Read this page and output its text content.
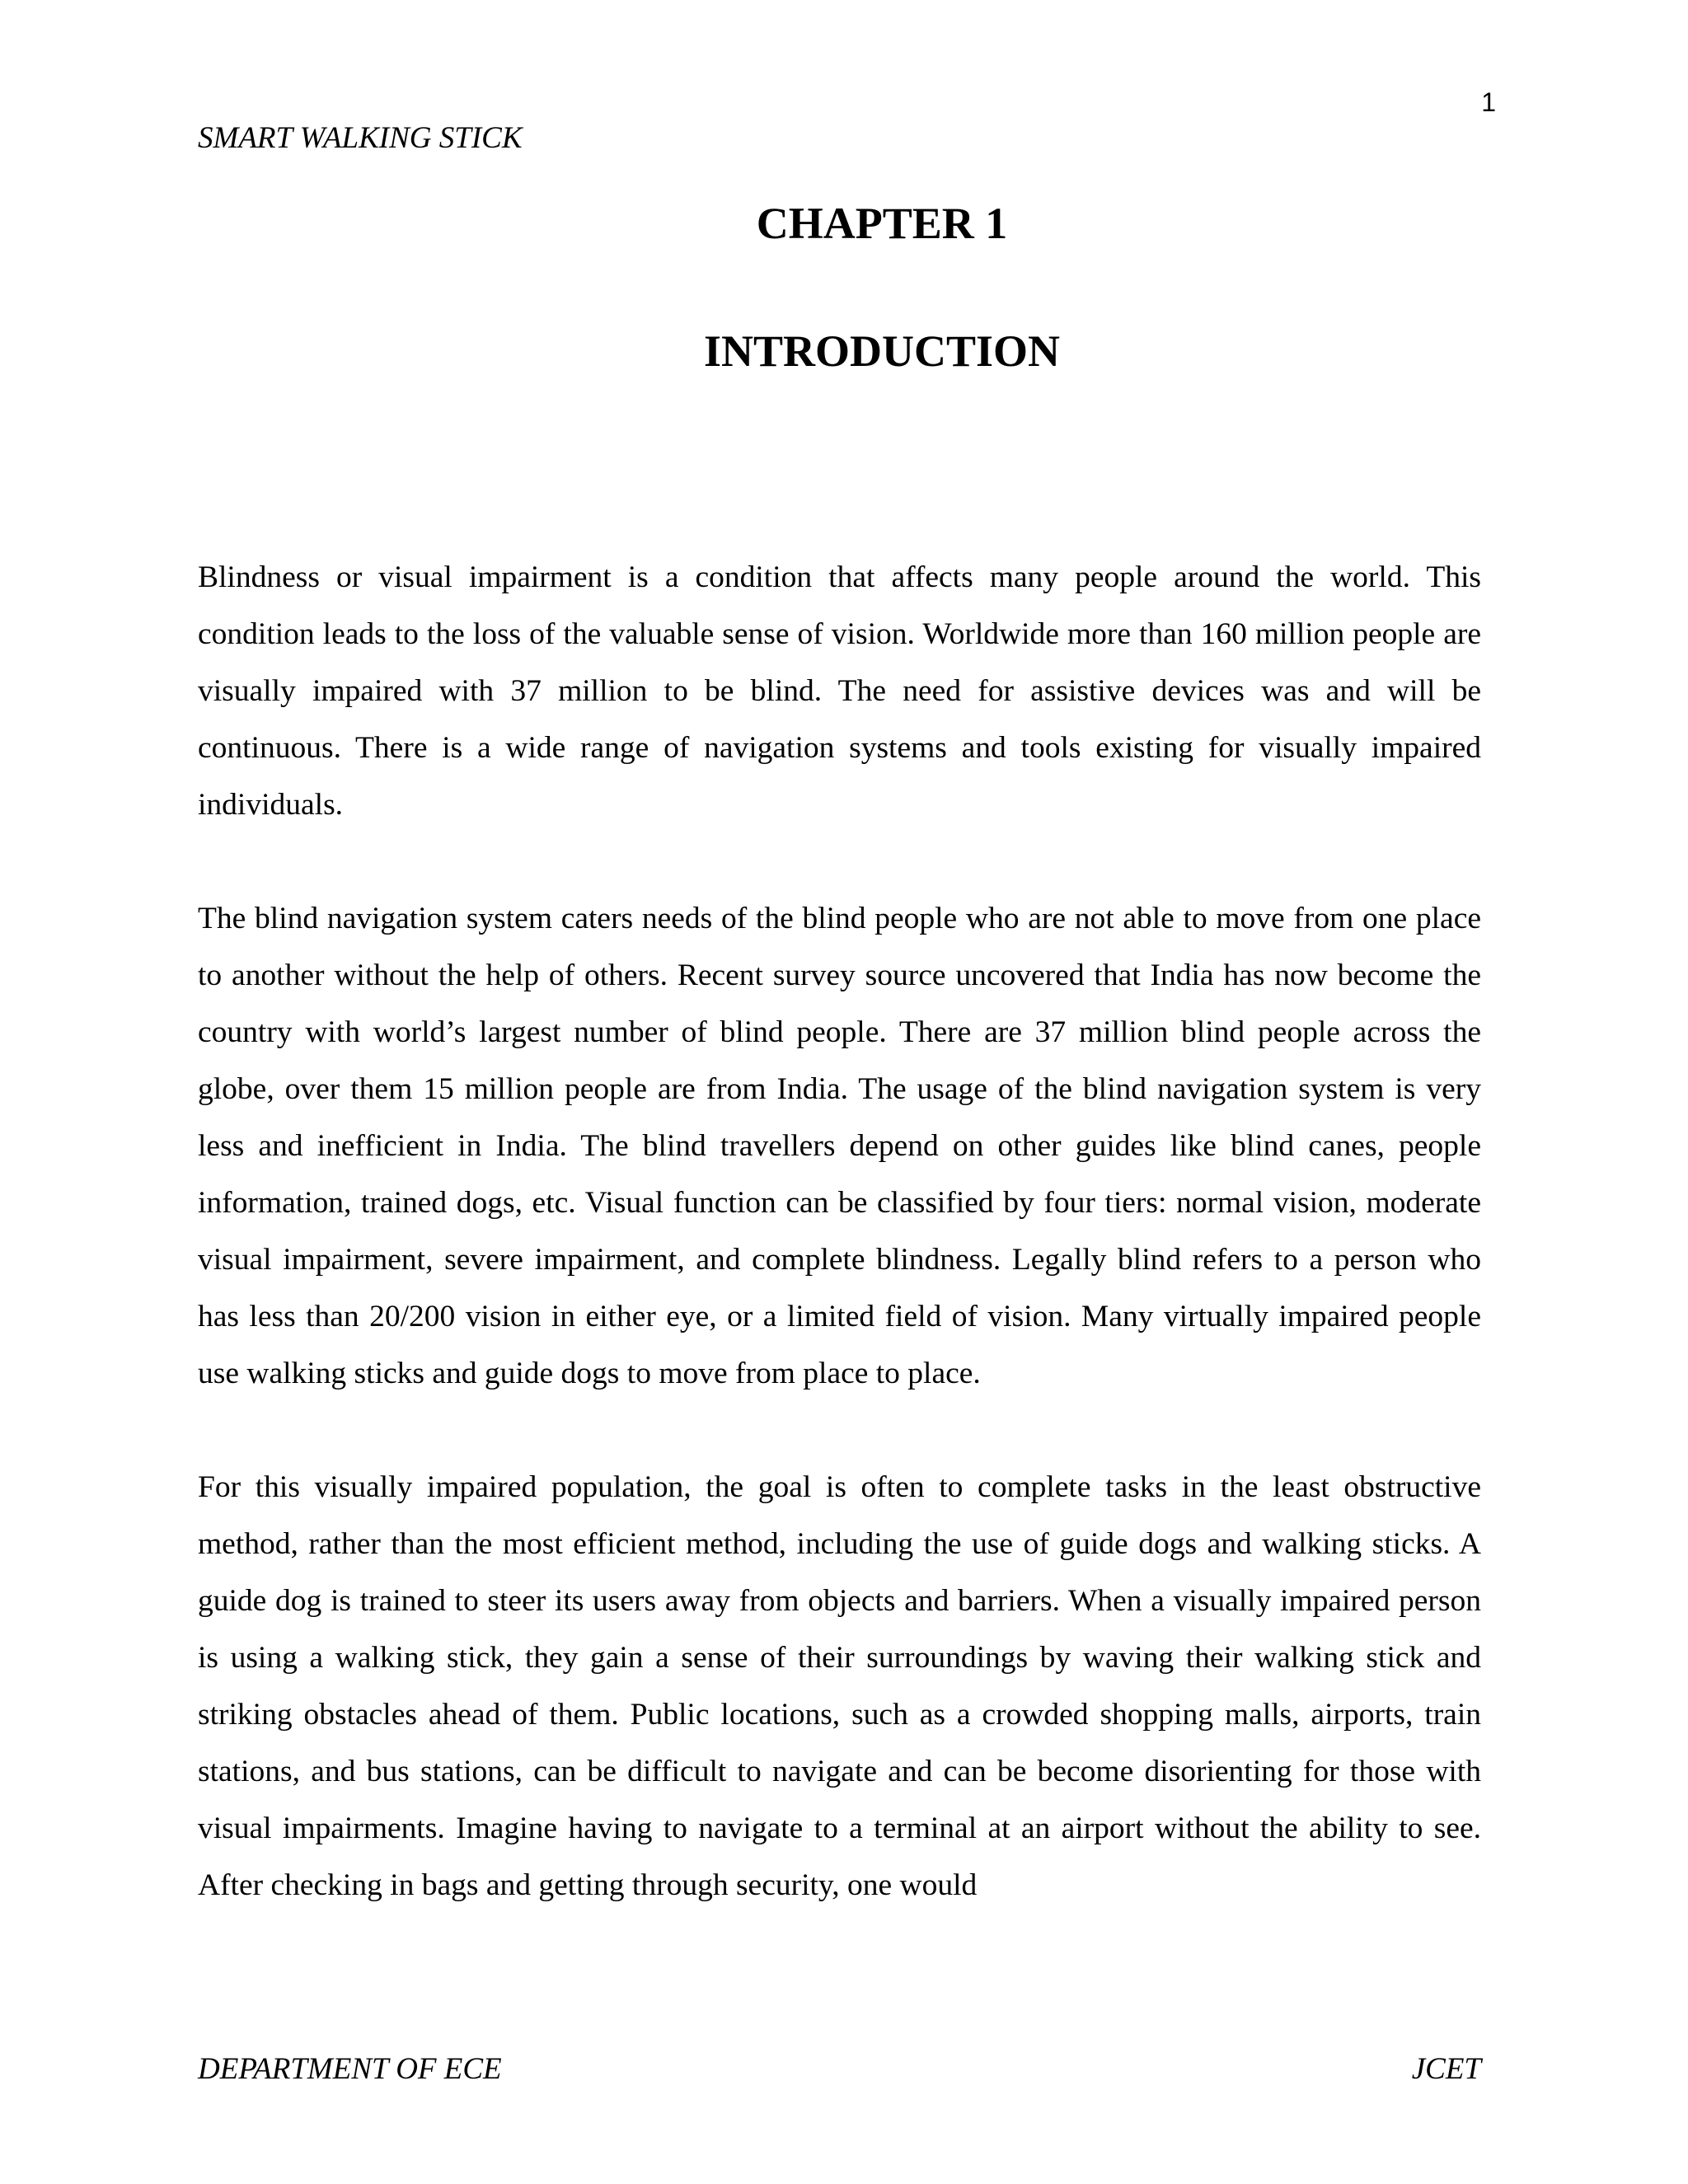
1
SMART WALKING STICK
CHAPTER 1
INTRODUCTION

Blindness or visual impairment is a condition that affects many people around the world. This condition leads to the loss of the valuable sense of vision. Worldwide more than 160 million people are visually impaired with 37 million to be blind. The need for assistive devices was and will be continuous. There is a wide range of navigation systems and tools existing for visually impaired individuals.

The blind navigation system caters needs of the blind people who are not able to move from one place to another without the help of others. Recent survey source uncovered that India has now become the country with world’s largest number of blind people. There are 37 million blind people across the globe, over them 15 million people are from India. The usage of the blind navigation system is very less and inefficient in India. The blind travellers depend on other guides like blind canes, people information, trained dogs, etc. Visual function can be classified by four tiers: normal vision, moderate visual impairment, severe impairment, and complete blindness. Legally blind refers to a person who has less than 20/200 vision in either eye, or a limited field of vision. Many virtually impaired people use walking sticks and guide dogs to move from place to place.

For this visually impaired population, the goal is often to complete tasks in the least obstructive method, rather than the most efficient method, including the use of guide dogs and walking sticks. A guide dog is trained to steer its users away from objects and barriers. When a visually impaired person is using a walking stick, they gain a sense of their surroundings by waving their walking stick and striking obstacles ahead of them. Public locations, such as a crowded shopping malls, airports, train stations, and bus stations, can be difficult to navigate and can be become disorienting for those with visual impairments. Imagine having to navigate to a terminal at an airport without the ability to see. After checking in bags and getting through security, one would

DEPARTMENT OF ECE	JCET
